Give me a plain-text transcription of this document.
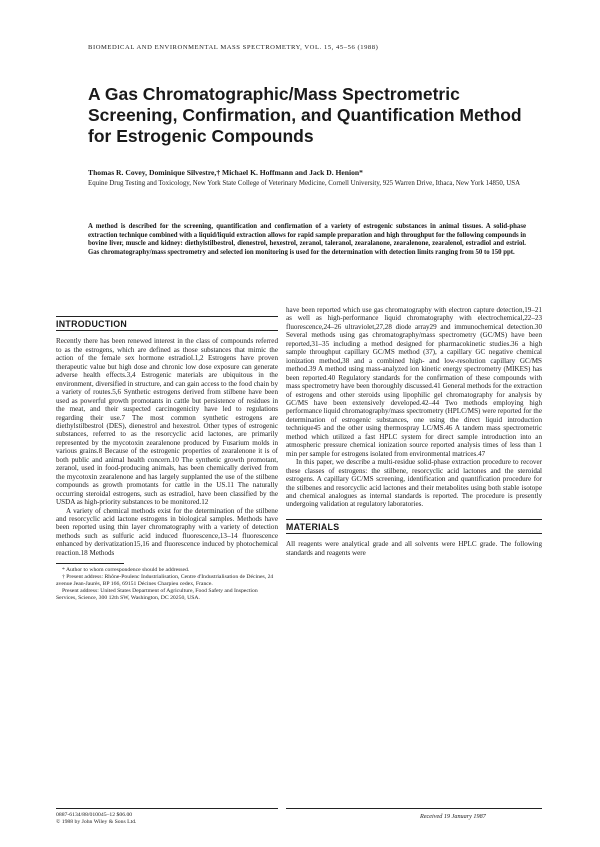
BIOMEDICAL AND ENVIRONMENTAL MASS SPECTROMETRY, VOL. 15, 45–56 (1988)
A Gas Chromatographic/Mass Spectrometric Screening, Confirmation, and Quantification Method for Estrogenic Compounds
Thomas R. Covey, Dominique Silvestre,† Michael K. Hoffmann and Jack D. Henion*
Equine Drug Testing and Toxicology, New York State College of Veterinary Medicine, Cornell University, 925 Warren Drive, Ithaca, New York 14850, USA

A method is described for the screening, quantification and confirmation of a variety of estrogenic substances in animal tissues. A solid-phase extraction technique combined with a liquid/liquid extraction allows for rapid sample preparation and high throughput for the following compounds in bovine liver, muscle and kidney: diethylstilbestrol, dienestrol, hexestrol, zeranol, taleranol, zearalanone, zearalenone, zearalenol, estradiol and estriol. Gas chromatography/mass spectrometry and selected ion monitoring is used for the determination with detection limits ranging from 50 to 150 ppt.

INTRODUCTION

Recently there has been renewed interest in the class of compounds referred to as the estrogens, which are defined as those substances that mimic the action of the female sex hormone estradiol.1,2 Estrogens have proven therapeutic value but high dose and chronic low dose exposure can generate adverse health effects.3,4 Estrogenic materials are ubiquitous in the environment, diversified in structure, and can gain access to the food chain by a variety of routes.5,6 Synthetic estrogens derived from stilbene have been used as powerful growth promotants in cattle but persistence of residues in the meat, and their suspected carcinogenicity have led to regulations regarding their use.7 The most common synthetic estrogens are diethylstilbestrol (DES), dienestrol and hexestrol. Other types of estrogenic substances, referred to as the resorcyclic acid lactones, are primarily represented by the mycotoxin zearalenone produced by Fusarium molds in various grains.8 Because of the estrogenic properties of zearalenone it is of both public and animal health concern.10 The synthetic growth promotant, zeranol, used in food-producing animals, has been chemically derived from the mycotoxin zearalenone and has largely supplanted the use of the stilbene compounds as growth promotants for cattle in the US.11 The naturally occurring steroidal estrogens, such as estradiol, have been classified by the USDA as high-priority substances to be monitored.12

A variety of chemical methods exist for the determination of the stilbene and resorcyclic acid lactone estrogens in biological samples. Methods have been reported using thin layer chromatography with a variety of detection methods such as sulfuric acid induced fluorescence,13–14 fluorescence enhanced by derivatization15,16 and fluorescence induced by photochemical reaction.18 Methods

* Author to whom correspondence should be addressed.

† Present address: Rhône-Poulenc Industrialisation, Centre d'Industrialisation de Décines, 24 avenue Jean-Jaurès, BP 166, 69151 Décines Charpieu cedex, France.

Present address: United States Department of Agriculture, Food Safety and Inspection Services, Science, 300 12th SW, Washington, DC 20250, USA.

0887-6134/88/010045–12 $06.00
© 1988 by John Wiley & Sons Ltd.

have been reported which use gas chromatography with electron capture detection,19–21 as well as high-performance liquid chromatography with electrochemical,22–23 fluorescence,24–26 ultraviolet,27,28 diode array29 and immunochemical detection.30 Several methods using gas chromatography/mass spectrometry (GC/MS) have been reported,31–35 including a method designed for pharmacokinetic studies.36 a high sample throughput capillary GC/MS method (37), a capillary GC negative chemical ionization method,38 and a combined high- and low-resolution capillary GC/MS method.39 A method using mass-analyzed ion kinetic energy spectrometry (MIKES) has been reported.40 Regulatory standards for the confirmation of these compounds with mass spectrometry have been thoroughly discussed.41 General methods for the extraction of estrogens and other steroids using lipophilic gel chromatography for analysis by GC/MS have been extensively developed.42–44 Two methods employing high performance liquid chromatography/mass spectrometry (HPLC/MS) were reported for the determination of estrogenic substances, one using the direct liquid introduction technique45 and the other using thermospray LC/MS.46 A tandem mass spectrometric method which utilized a fast HPLC system for direct sample introduction into an atmospheric pressure chemical ionization source reported analysis times of less than 1 min per sample for estrogens isolated from environmental matrices.47

In this paper, we describe a multi-residue solid-phase extraction procedure to recover these classes of estrogens: the stilbene, resorcyclic acid lactones and the steroidal estrogens. A capillary GC/MS screening, identification and quantification procedure for the stilbenes and resorcyclic acid lactones and their metabolites using both stable isotope and chemical analogues as internal standards is reported. The procedure is presently undergoing validation at regulatory laboratories.

MATERIALS

All reagents were analytical grade and all solvents were HPLC grade. The following standards and reagents were

Received 19 January 1987
